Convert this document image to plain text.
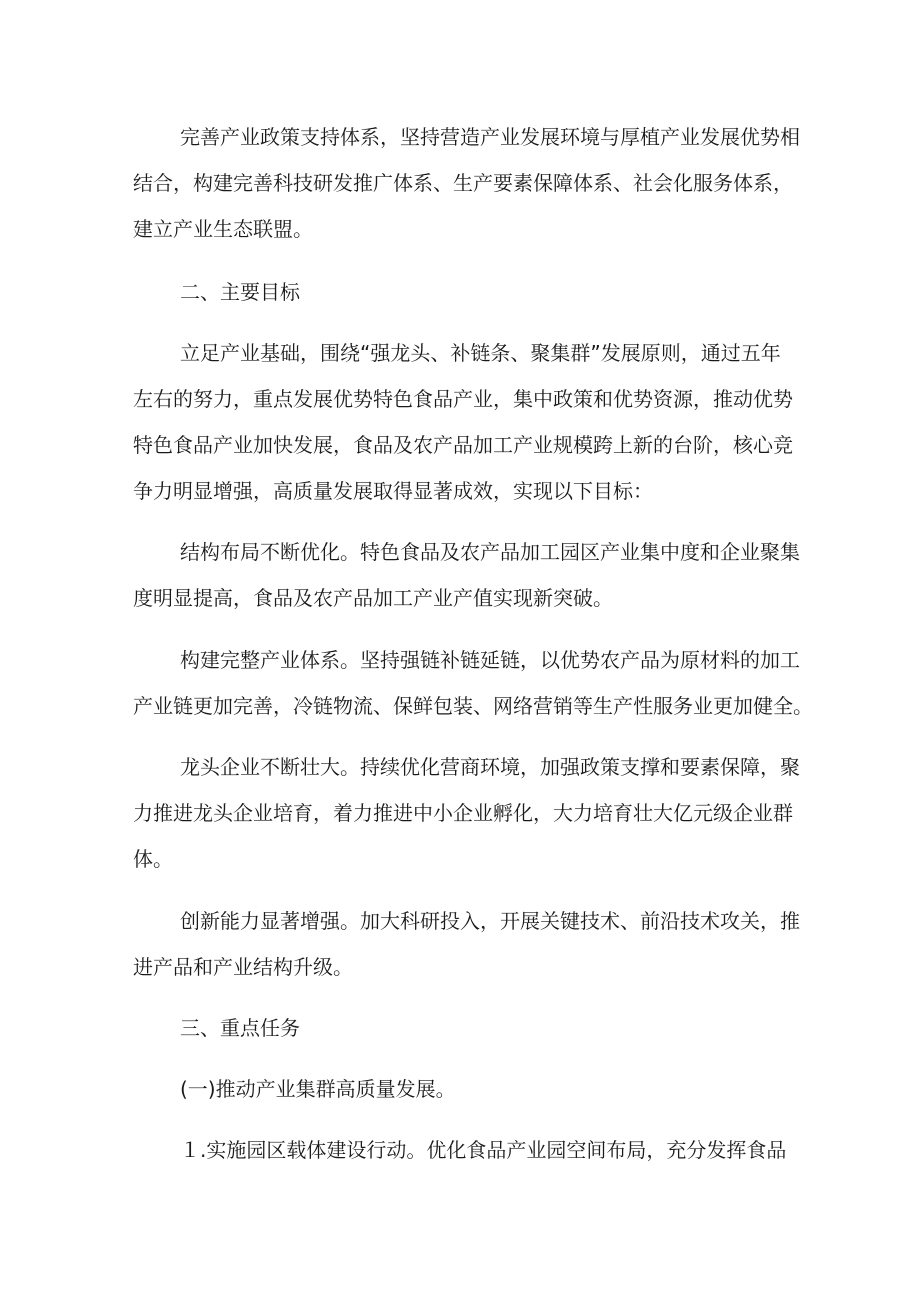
完善产业政策支持体系，坚持营造产业发展环境与厚植产业发展优势相
结合，构建完善科技研发推广体系、生产要素保障体系、社会化服务体系，
建立产业生态联盟。
二、主要目标
立足产业基础，围绕“强龙头、补链条、聚集群”发展原则，通过五年
左右的努力，重点发展优势特色食品产业，集中政策和优势资源，推动优势
特色食品产业加快发展，食品及农产品加工产业规模跨上新的台阶，核心竞
争力明显增强，高质量发展取得显著成效，实现以下目标：
结构布局不断优化。特色食品及农产品加工园区产业集中度和企业聚集
度明显提高，食品及农产品加工产业产值实现新突破。
构建完整产业体系。坚持强链补链延链，以优势农产品为原材料的加工
产业链更加完善，冷链物流、保鲜包装、网络营销等生产性服务业更加健全。
龙头企业不断壮大。持续优化营商环境，加强政策支撑和要素保障，聚
力推进龙头企业培育，着力推进中小企业孵化，大力培育壮大亿元级企业群
体。
创新能力显著增强。加大科研投入，开展关键技术、前沿技术攻关，推
进产品和产业结构升级。
三、重点任务
(一)推动产业集群高质量发展。
１.实施园区载体建设行动。优化食品产业园空间布局，充分发挥食品
